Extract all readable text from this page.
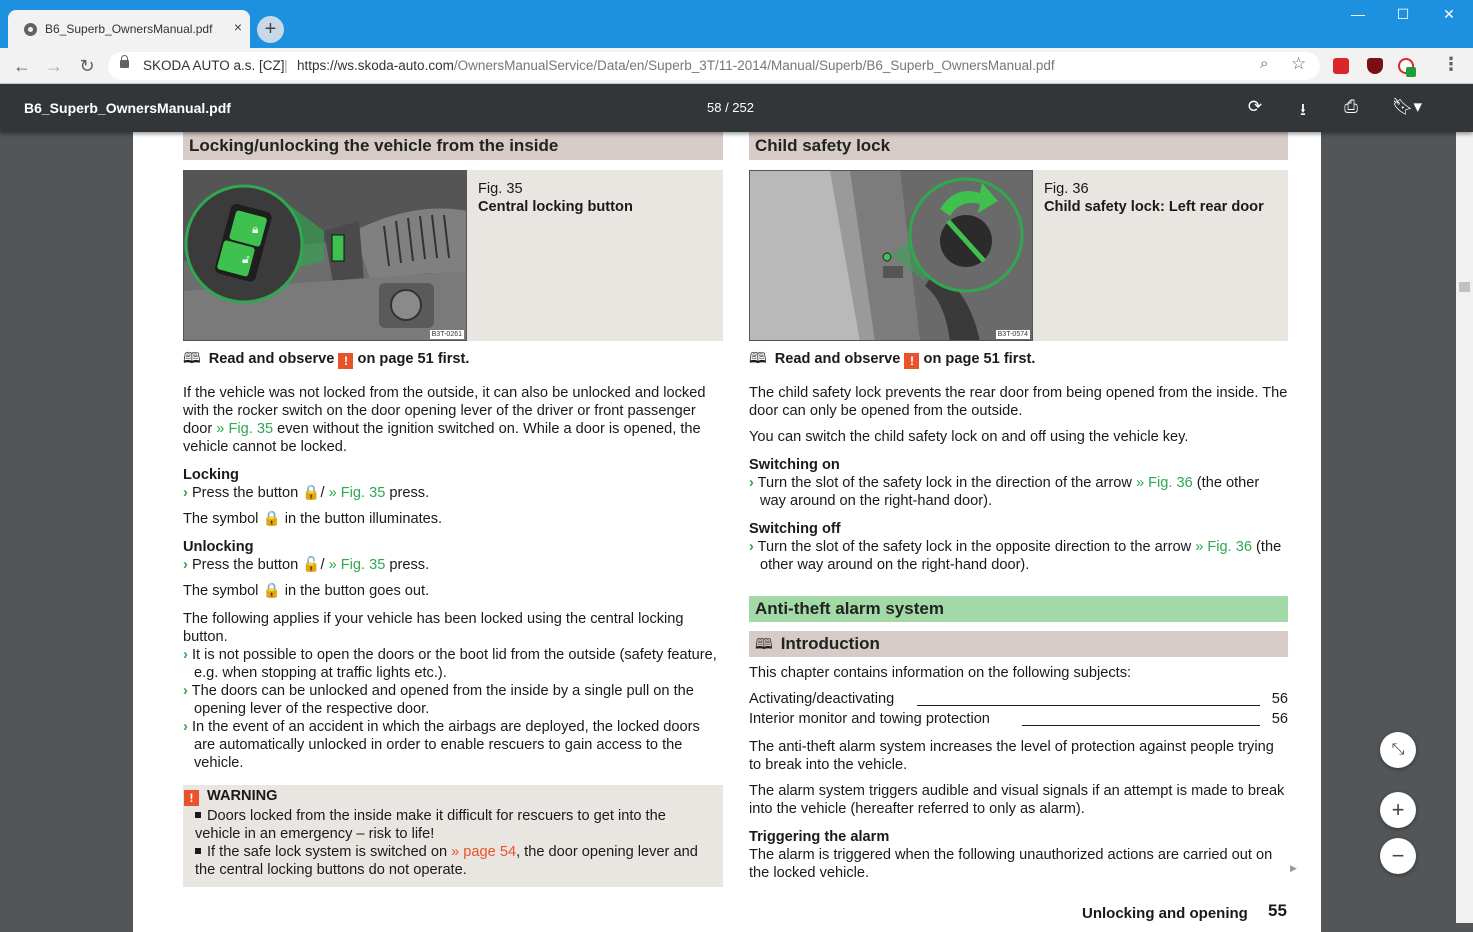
B6_Superb_OwnersManual.pdf ×	+
—	☐	✕
← → ↻	SKODA AUTO a.s. [CZ] | https://ws.skoda-auto.com/OwnersManualService/Data/en/Superb_3T/11-2014/Manual/Superb/B6_Superb_OwnersManual.pdf	⌕ ☆	⋮
B6_Superb_OwnersManual.pdf	58 / 252	⟳	⭳	⎙	🔖︎▾
Locking/unlocking the vehicle from the inside
🔒︎
🔓︎
B3T-0261
Fig. 35
Central locking button
🕮 Read and observe ! on page 51 first.

If the vehicle was not locked from the outside, it can also be unlocked and locked with the rocker switch on the door opening lever of the driver or front passenger door » Fig. 35 even without the ignition switched on. While a door is opened, the vehicle cannot be locked.

Locking
› Press the button 🔒/ » Fig. 35 press.

The symbol 🔒 in the button illuminates.

Unlocking
› Press the button 🔓/ » Fig. 35 press.

The symbol 🔒 in the button goes out.

The following applies if your vehicle has been locked using the central locking button.

› It is not possible to open the doors or the boot lid from the outside (safety feature, e.g. when stopping at traffic lights etc.).
› The doors can be unlocked and opened from the inside by a single pull on the opening lever of the respective door.
› In the event of an accident in which the airbags are deployed, the locked doors are automatically unlocked in order to enable rescuers to gain access to the vehicle.
! WARNING
Doors locked from the inside make it difficult for rescuers to get into the vehicle in an emergency – risk to life!
If the safe lock system is switched on » page 54, the door opening lever and the central locking buttons do not operate.
Child safety lock
B3T-0574
Fig. 36
Child safety lock: Left rear door
🕮 Read and observe ! on page 51 first.

The child safety lock prevents the rear door from being opened from the inside. The door can only be opened from the outside.

You can switch the child safety lock on and off using the vehicle key.

Switching on
› Turn the slot of the safety lock in the direction of the arrow » Fig. 36 (the other way around on the right-hand door).
Switching off
› Turn the slot of the safety lock in the opposite direction to the arrow » Fig. 36 (the other way around on the right-hand door).
Anti-theft alarm system
🕮 Introduction

This chapter contains information on the following subjects:

Activating/deactivating	56
Interior monitor and towing protection	56

The anti-theft alarm system increases the level of protection against people trying to break into the vehicle.

The alarm system triggers audible and visual signals if an attempt is made to break into the vehicle (hereafter referred to only as alarm).

Triggering the alarm

The alarm is triggered when the following unauthorized actions are carried out on the locked vehicle.	▶
Unlocking and opening 55
⤡
+
−
